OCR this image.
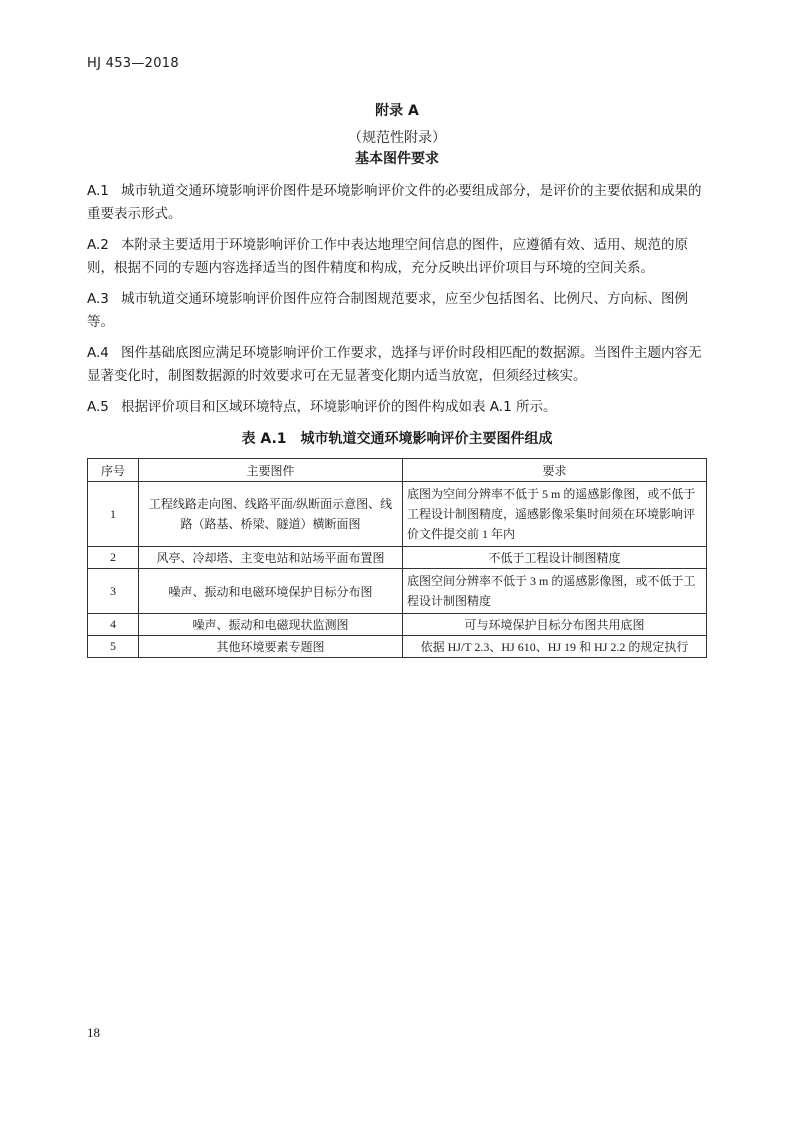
HJ 453—2018
附录 A
（规范性附录）
基本图件要求
A.1 城市轨道交通环境影响评价图件是环境影响评价文件的必要组成部分，是评价的主要依据和成果的重要表示形式。
A.2 本附录主要适用于环境影响评价工作中表达地理空间信息的图件，应遵循有效、适用、规范的原则，根据不同的专题内容选择适当的图件精度和构成，充分反映出评价项目与环境的空间关系。
A.3 城市轨道交通环境影响评价图件应符合制图规范要求，应至少包括图名、比例尺、方向标、图例等。
A.4 图件基础底图应满足环境影响评价工作要求，选择与评价时段相匹配的数据源。当图件主题内容无显著变化时，制图数据源的时效要求可在无显著变化期内适当放宽，但须经过核实。
A.5 根据评价项目和区域环境特点，环境影响评价的图件构成如表 A.1 所示。
表 A.1　城市轨道交通环境影响评价主要图件组成
序号	主要图件	要求
1	工程线路走向图、线路平面/纵断面示意图、线路（路基、桥梁、隧道）横断面图	底图为空间分辨率不低于 5 m 的遥感影像图，或不低于工程设计制图精度，遥感影像采集时间须在环境影响评价文件提交前 1 年内
2	风亭、冷却塔、主变电站和站场平面布置图	不低于工程设计制图精度
3	噪声、振动和电磁环境保护目标分布图	底图空间分辨率不低于 3 m 的遥感影像图，或不低于工程设计制图精度
4	噪声、振动和电磁现状监测图	可与环境保护目标分布图共用底图
5	其他环境要素专题图	依据 HJ/T 2.3、HJ 610、HJ 19 和 HJ 2.2 的规定执行
18
